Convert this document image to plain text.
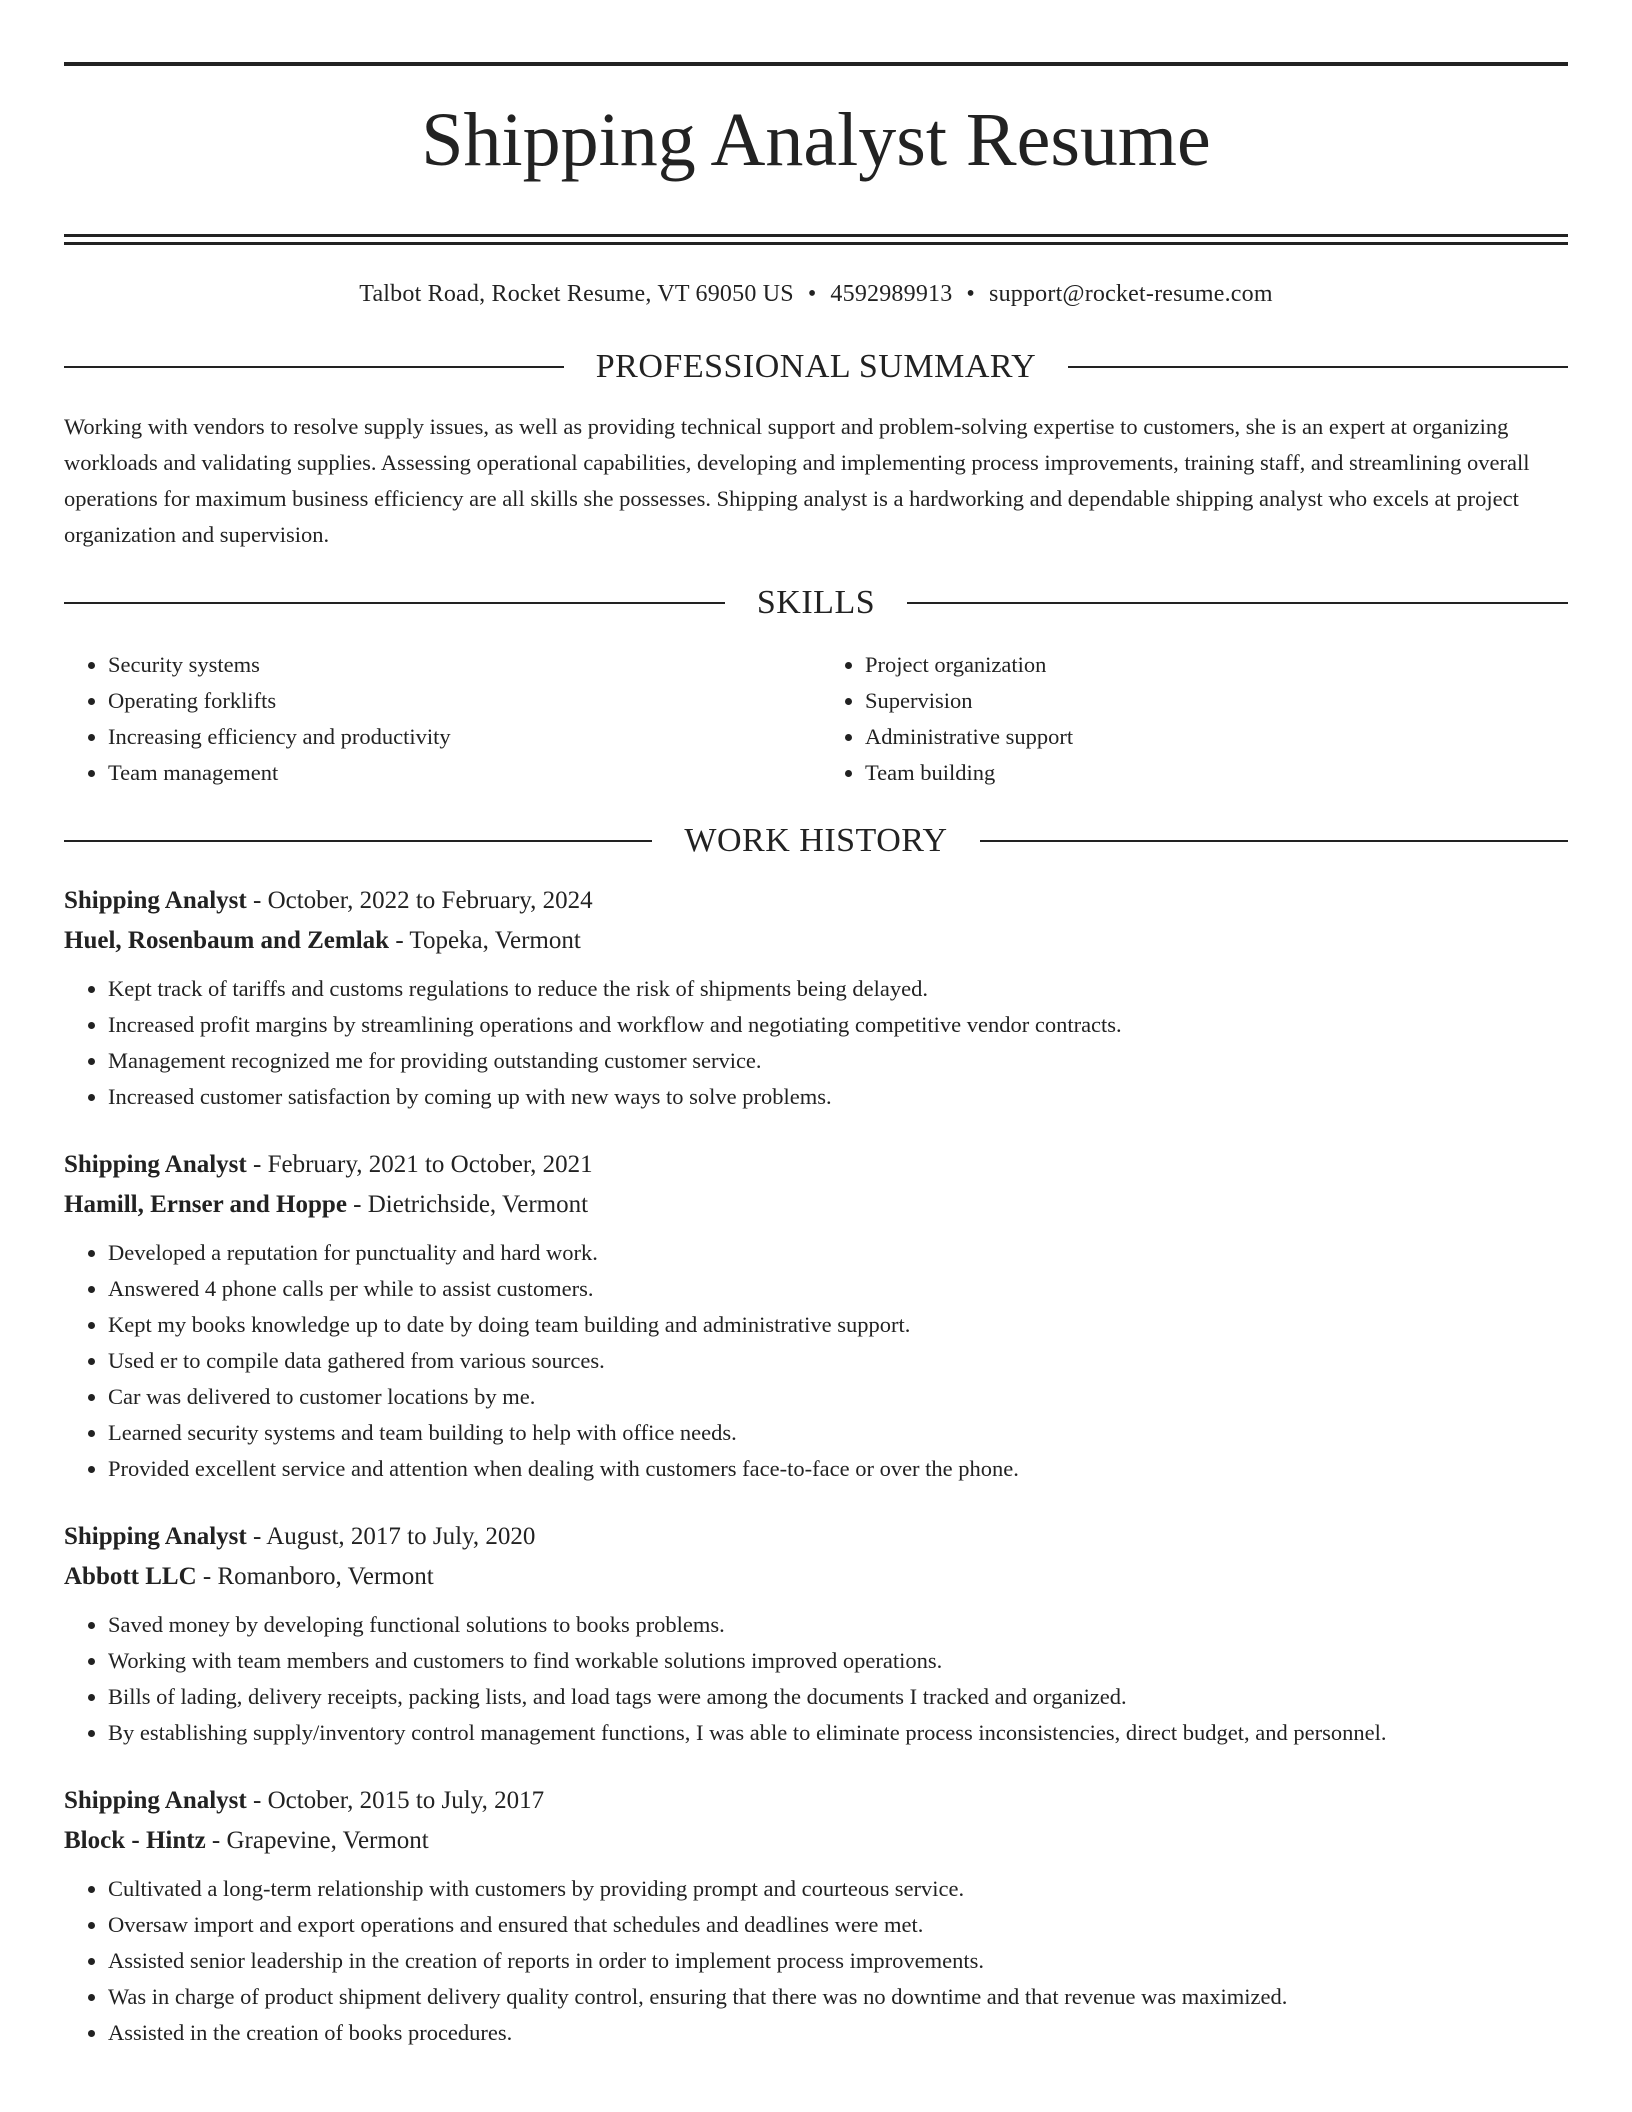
Shipping Analyst Resume
Talbot Road, Rocket Resume, VT 69050 US • 4592989913 • support@rocket-resume.com
PROFESSIONAL SUMMARY

Working with vendors to resolve supply issues, as well as providing technical support and problem-solving expertise to customers, she is an expert at organizing workloads and validating supplies. Assessing operational capabilities, developing and implementing process improvements, training staff, and streamlining overall operations for maximum business efficiency are all skills she possesses. Shipping analyst is a hardworking and dependable shipping analyst who excels at project organization and supervision.

SKILLS
• Security systems
• Operating forklifts
• Increasing efficiency and productivity
• Team management
• Project organization
• Supervision
• Administrative support
• Team building
WORK HISTORY
Shipping Analyst - October, 2022 to February, 2024
Huel, Rosenbaum and Zemlak - Topeka, Vermont
• Kept track of tariffs and customs regulations to reduce the risk of shipments being delayed.
• Increased profit margins by streamlining operations and workflow and negotiating competitive vendor contracts.
• Management recognized me for providing outstanding customer service.
• Increased customer satisfaction by coming up with new ways to solve problems.
Shipping Analyst - February, 2021 to October, 2021
Hamill, Ernser and Hoppe - Dietrichside, Vermont
• Developed a reputation for punctuality and hard work.
• Answered 4 phone calls per while to assist customers.
• Kept my books knowledge up to date by doing team building and administrative support.
• Used er to compile data gathered from various sources.
• Car was delivered to customer locations by me.
• Learned security systems and team building to help with office needs.
• Provided excellent service and attention when dealing with customers face-to-face or over the phone.
Shipping Analyst - August, 2017 to July, 2020
Abbott LLC - Romanboro, Vermont
• Saved money by developing functional solutions to books problems.
• Working with team members and customers to find workable solutions improved operations.
• Bills of lading, delivery receipts, packing lists, and load tags were among the documents I tracked and organized.
• By establishing supply/inventory control management functions, I was able to eliminate process inconsistencies, direct budget, and personnel.
Shipping Analyst - October, 2015 to July, 2017
Block - Hintz - Grapevine, Vermont
• Cultivated a long-term relationship with customers by providing prompt and courteous service.
• Oversaw import and export operations and ensured that schedules and deadlines were met.
• Assisted senior leadership in the creation of reports in order to implement process improvements.
• Was in charge of product shipment delivery quality control, ensuring that there was no downtime and that revenue was maximized.
• Assisted in the creation of books procedures.
